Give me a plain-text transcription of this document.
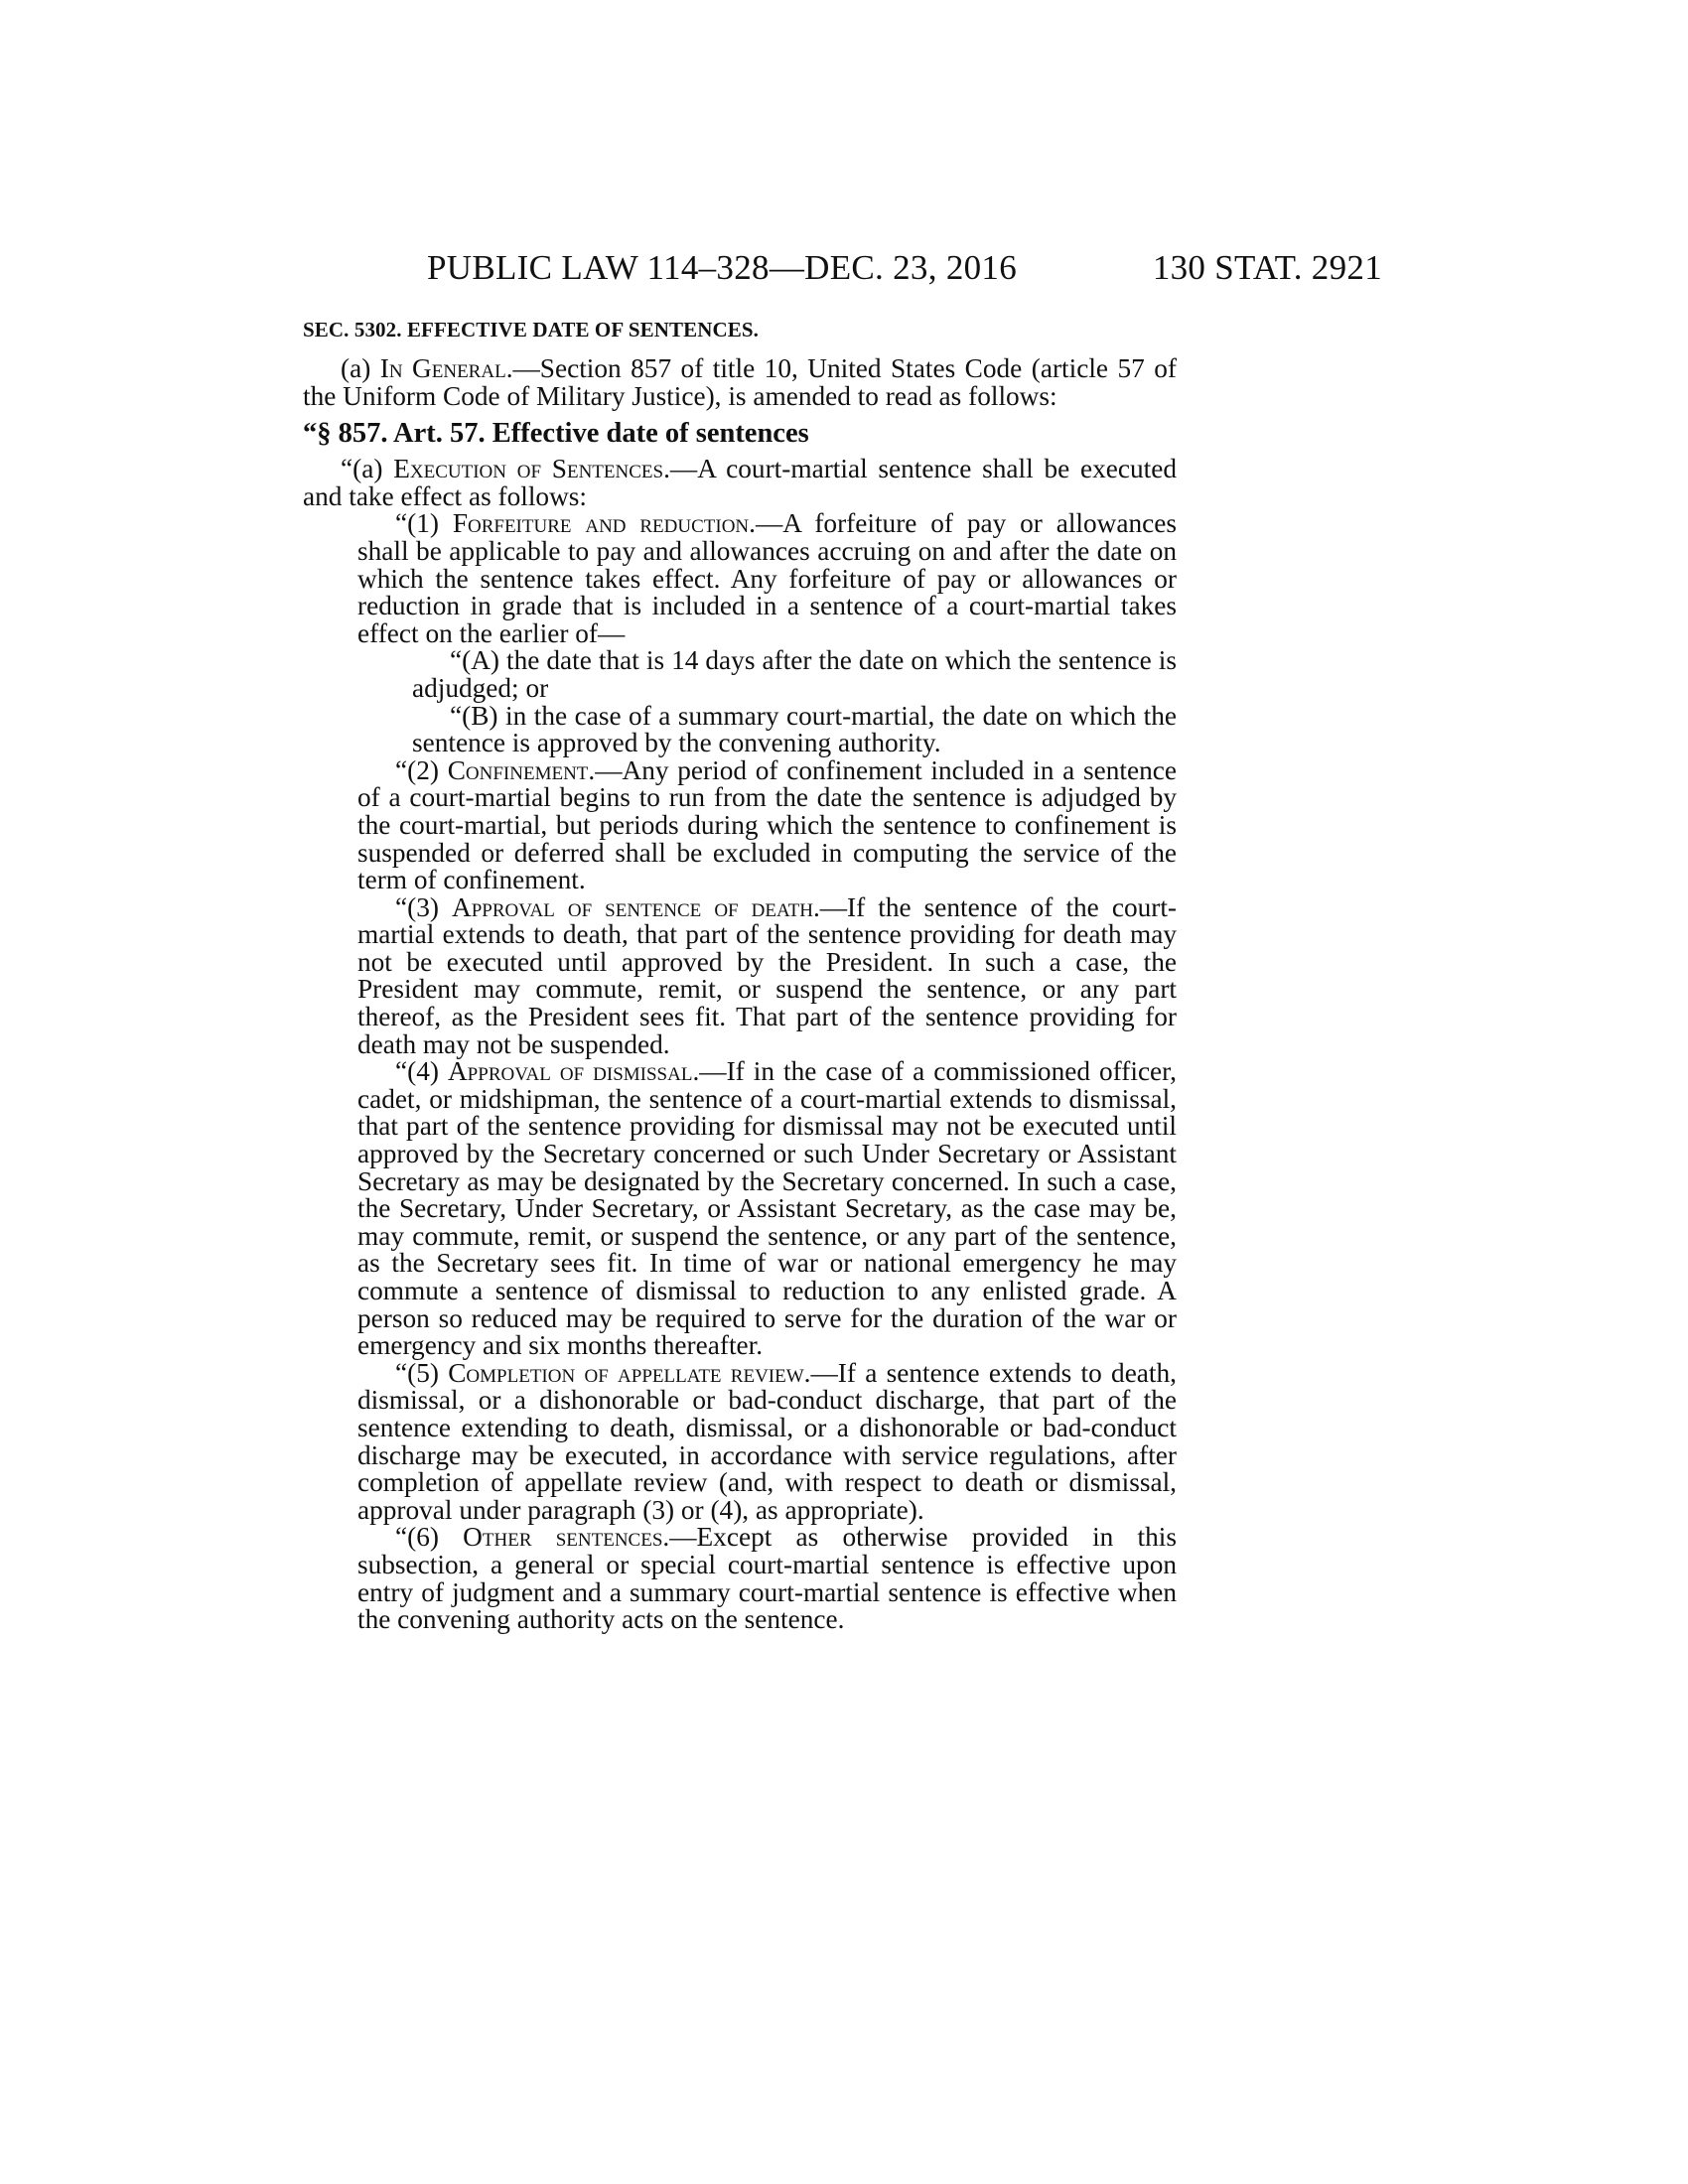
PUBLIC LAW 114–328—DEC. 23, 2016	130 STAT. 2921
SEC. 5302. EFFECTIVE DATE OF SENTENCES.

(a) In General.—Section 857 of title 10, United States Code (article 57 of the Uniform Code of Military Justice), is amended to read as follows:

“§ 857. Art. 57. Effective date of sentences

“(a) Execution of Sentences.—A court-martial sentence shall be executed and take effect as follows:

“(1) Forfeiture and reduction.—A forfeiture of pay or allowances shall be applicable to pay and allowances accruing on and after the date on which the sentence takes effect. Any forfeiture of pay or allowances or reduction in grade that is included in a sentence of a court-martial takes effect on the earlier of—

“(A) the date that is 14 days after the date on which the sentence is adjudged; or

“(B) in the case of a summary court-martial, the date on which the sentence is approved by the convening authority.

“(2) Confinement.—Any period of confinement included in a sentence of a court-martial begins to run from the date the sentence is adjudged by the court-martial, but periods during which the sentence to confinement is suspended or deferred shall be excluded in computing the service of the term of confinement.

“(3) Approval of sentence of death.—If the sentence of the court-martial extends to death, that part of the sentence providing for death may not be executed until approved by the President. In such a case, the President may commute, remit, or suspend the sentence, or any part thereof, as the President sees fit. That part of the sentence providing for death may not be suspended.

“(4) Approval of dismissal.—If in the case of a commissioned officer, cadet, or midshipman, the sentence of a court-martial extends to dismissal, that part of the sentence providing for dismissal may not be executed until approved by the Secretary concerned or such Under Secretary or Assistant Secretary as may be designated by the Secretary concerned. In such a case, the Secretary, Under Secretary, or Assistant Secretary, as the case may be, may commute, remit, or suspend the sentence, or any part of the sentence, as the Secretary sees fit. In time of war or national emergency he may commute a sentence of dismissal to reduction to any enlisted grade. A person so reduced may be required to serve for the duration of the war or emergency and six months thereafter.

“(5) Completion of appellate review.—If a sentence extends to death, dismissal, or a dishonorable or bad-conduct discharge, that part of the sentence extending to death, dismissal, or a dishonorable or bad-conduct discharge may be executed, in accordance with service regulations, after completion of appellate review (and, with respect to death or dismissal, approval under paragraph (3) or (4), as appropriate).

“(6) Other sentences.—Except as otherwise provided in this subsection, a general or special court-martial sentence is effective upon entry of judgment and a summary court-martial sentence is effective when the convening authority acts on the sentence.
